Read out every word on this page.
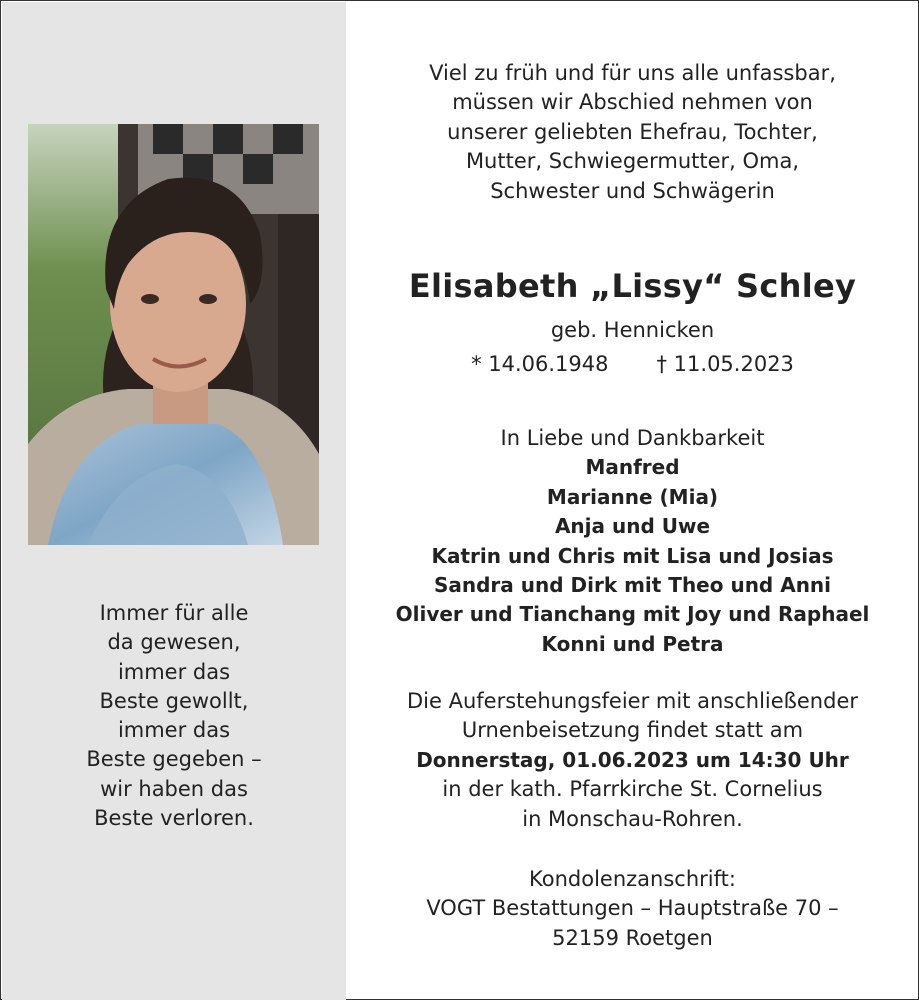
Immer für alle
da gewesen,
immer das
Beste gewollt,
immer das
Beste gegeben –
wir haben das
Beste verloren.
Viel zu früh und für uns alle unfassbar,
müssen wir Abschied nehmen von
unserer geliebten Ehefrau, Tochter,
Mutter, Schwiegermutter, Oma,
Schwester und Schwägerin
Elisabeth „Lissy“ Schley
geb. Hennicken
* 14.06.1948 † 11.05.2023
In Liebe und Dankbarkeit
Manfred
Marianne (Mia)
Anja und Uwe
Katrin und Chris mit Lisa und Josias
Sandra und Dirk mit Theo und Anni
Oliver und Tianchang mit Joy und Raphael
Konni und Petra
Die Auferstehungsfeier mit anschließender
Urnenbeisetzung findet statt am
Donnerstag, 01.06.2023 um 14:30 Uhr
in der kath. Pfarrkirche St. Cornelius
in Monschau-Rohren.
Kondolenzanschrift:
VOGT Bestattungen – Hauptstraße 70 –
52159 Roetgen
